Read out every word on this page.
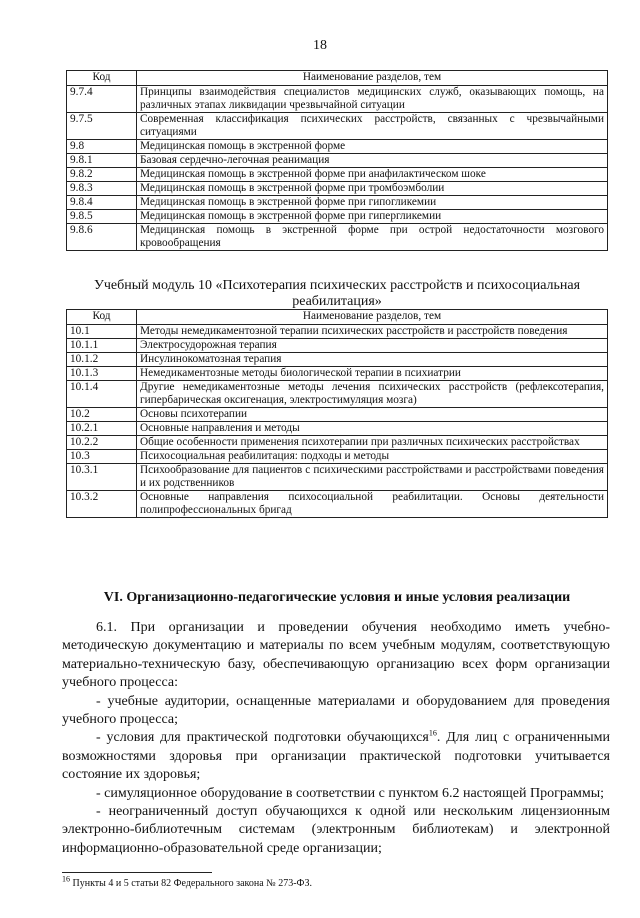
18
Код	Наименование разделов, тем
9.7.4	Принципы взаимодействия специалистов медицинских служб, оказывающих помощь, на различных этапах ликвидации чрезвычайной ситуации
9.7.5	Современная классификация психических расстройств, связанных с чрезвычайными ситуациями
9.8	Медицинская помощь в экстренной форме
9.8.1	Базовая сердечно-легочная реанимация
9.8.2	Медицинская помощь в экстренной форме при анафилактическом шоке
9.8.3	Медицинская помощь в экстренной форме при тромбоэмболии
9.8.4	Медицинская помощь в экстренной форме при гипогликемии
9.8.5	Медицинская помощь в экстренной форме при гипергликемии
9.8.6	Медицинская помощь в экстренной форме при острой недостаточности мозгового кровообращения
Учебный модуль 10 «Психотерапия психических расстройств и психосоциальная реабилитация»
Код	Наименование разделов, тем
10.1	Методы немедикаментозной терапии психических расстройств и расстройств поведения
10.1.1	Электросудорожная терапия
10.1.2	Инсулинокоматозная терапия
10.1.3	Немедикаментозные методы биологической терапии в психиатрии
10.1.4	Другие немедикаментозные методы лечения психических расстройств (рефлексотерапия, гипербарическая оксигенация, электростимуляция мозга)
10.2	Основы психотерапии
10.2.1	Основные направления и методы
10.2.2	Общие особенности применения психотерапии при различных психических расстройствах
10.3	Психосоциальная реабилитация: подходы и методы
10.3.1	Психообразование для пациентов с психическими расстройствами и расстройствами поведения и их родственников
10.3.2	Основные направления психосоциальной реабилитации. Основы деятельности полипрофессиональных бригад
VI. Организационно-педагогические условия и иные условия реализации

6.1. При организации и проведении обучения необходимо иметь учебно-методическую документацию и материалы по всем учебным модулям, соответствующую материально-техническую базу, обеспечивающую организацию всех форм организации учебного процесса:

- учебные аудитории, оснащенные материалами и оборудованием для проведения учебного процесса;

- условия для практической подготовки обучающихся$^{16}$. Для лиц с ограниченными возможностями здоровья при организации практической подготовки учитывается состояние их здоровья;

- симуляционное оборудование в соответствии с пунктом 6.2 настоящей Программы;

- неограниченный доступ обучающихся к одной или нескольким лицензионным электронно-библиотечным системам (электронным библиотекам) и электронной информационно-образовательной среде организации;

$^{16}$ Пункты 4 и 5 статьи 82 Федерального закона № 273-ФЗ.
